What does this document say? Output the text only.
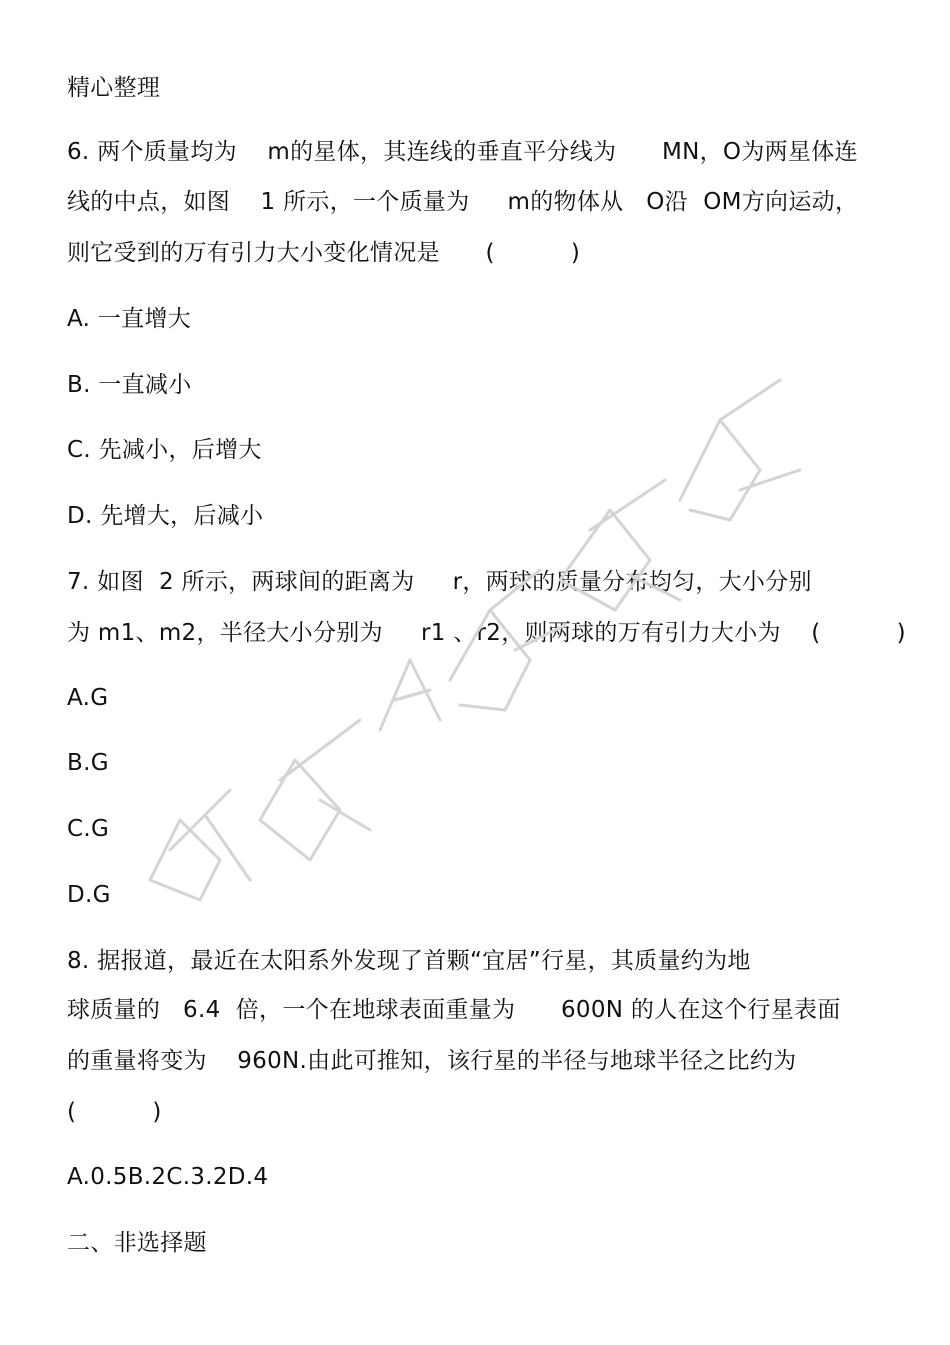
精心整理
6. 两个质量均为    m的星体，其连线的垂直平分线为      MN，O为两星体连
线的中点，如图    1 所示，一个质量为     m的物体从   O沿  OM方向运动，
则它受到的万有引力大小变化情况是      (          )
A. 一直增大
B. 一直减小
C. 先减小，后增大
D. 先增大，后减小
7. 如图  2 所示，两球间的距离为     r，两球的质量分布均匀，大小分别
为 m1、m2，半径大小分别为     r1 、r2，则两球的万有引力大小为    (          )
A.G
B.G
C.G
D.G
8. 据报道，最近在太阳系外发现了首颗“宜居”行星，其质量约为地
球质量的   6.4  倍，一个在地球表面重量为      600N 的人在这个行星表面
的重量将变为    960N.由此可推知，该行星的半径与地球半径之比约为
(          )
A.0.5B.2C.3.2D.4
二、非选择题
